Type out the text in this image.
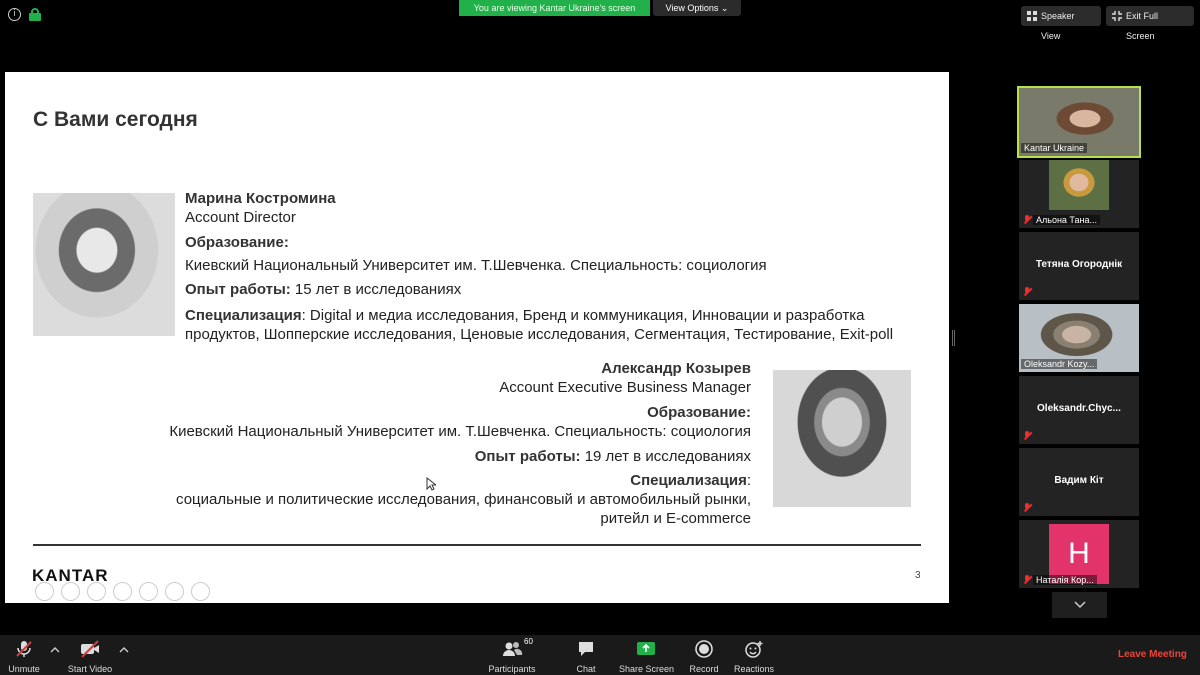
i
You are viewing Kantar Ukraine's screen	View Options ⌄
Speaker View
Exit Full Screen
С Вами сегодня
Марина Костромина
Account Director
Образование:
Киевский Национальный Университет им. Т.Шевченка. Специальность: социология
Опыт работы: 15 лет в исследованиях
Специализация: Digital и медиа исследования, Бренд и коммуникация, Инновации и разработка
продуктов, Шопперские исследования, Ценовые исследования, Сегментация, Тестирование, Exit-poll
Александр Козырев
Account Executive Business Manager
Образование:
Киевский Национальный Университет им. Т.Шевченка. Специальность: социология
Опыт работы: 19 лет в исследованиях
Специализация:
социальные и политические исследования, финансовый и автомобильный рынки,
ритейл и E-commerce
KANTAR	3
Kantar Ukraine
Альона Тана...
Тетяна Огороднік
Oleksandr Kozy...
Oleksandr.Chyc...
Вадим Кіт
H
Наталія Кор...
Unmute	Start Video
60
Participants	Chat	Share Screen Record Reactions
Leave Meeting
